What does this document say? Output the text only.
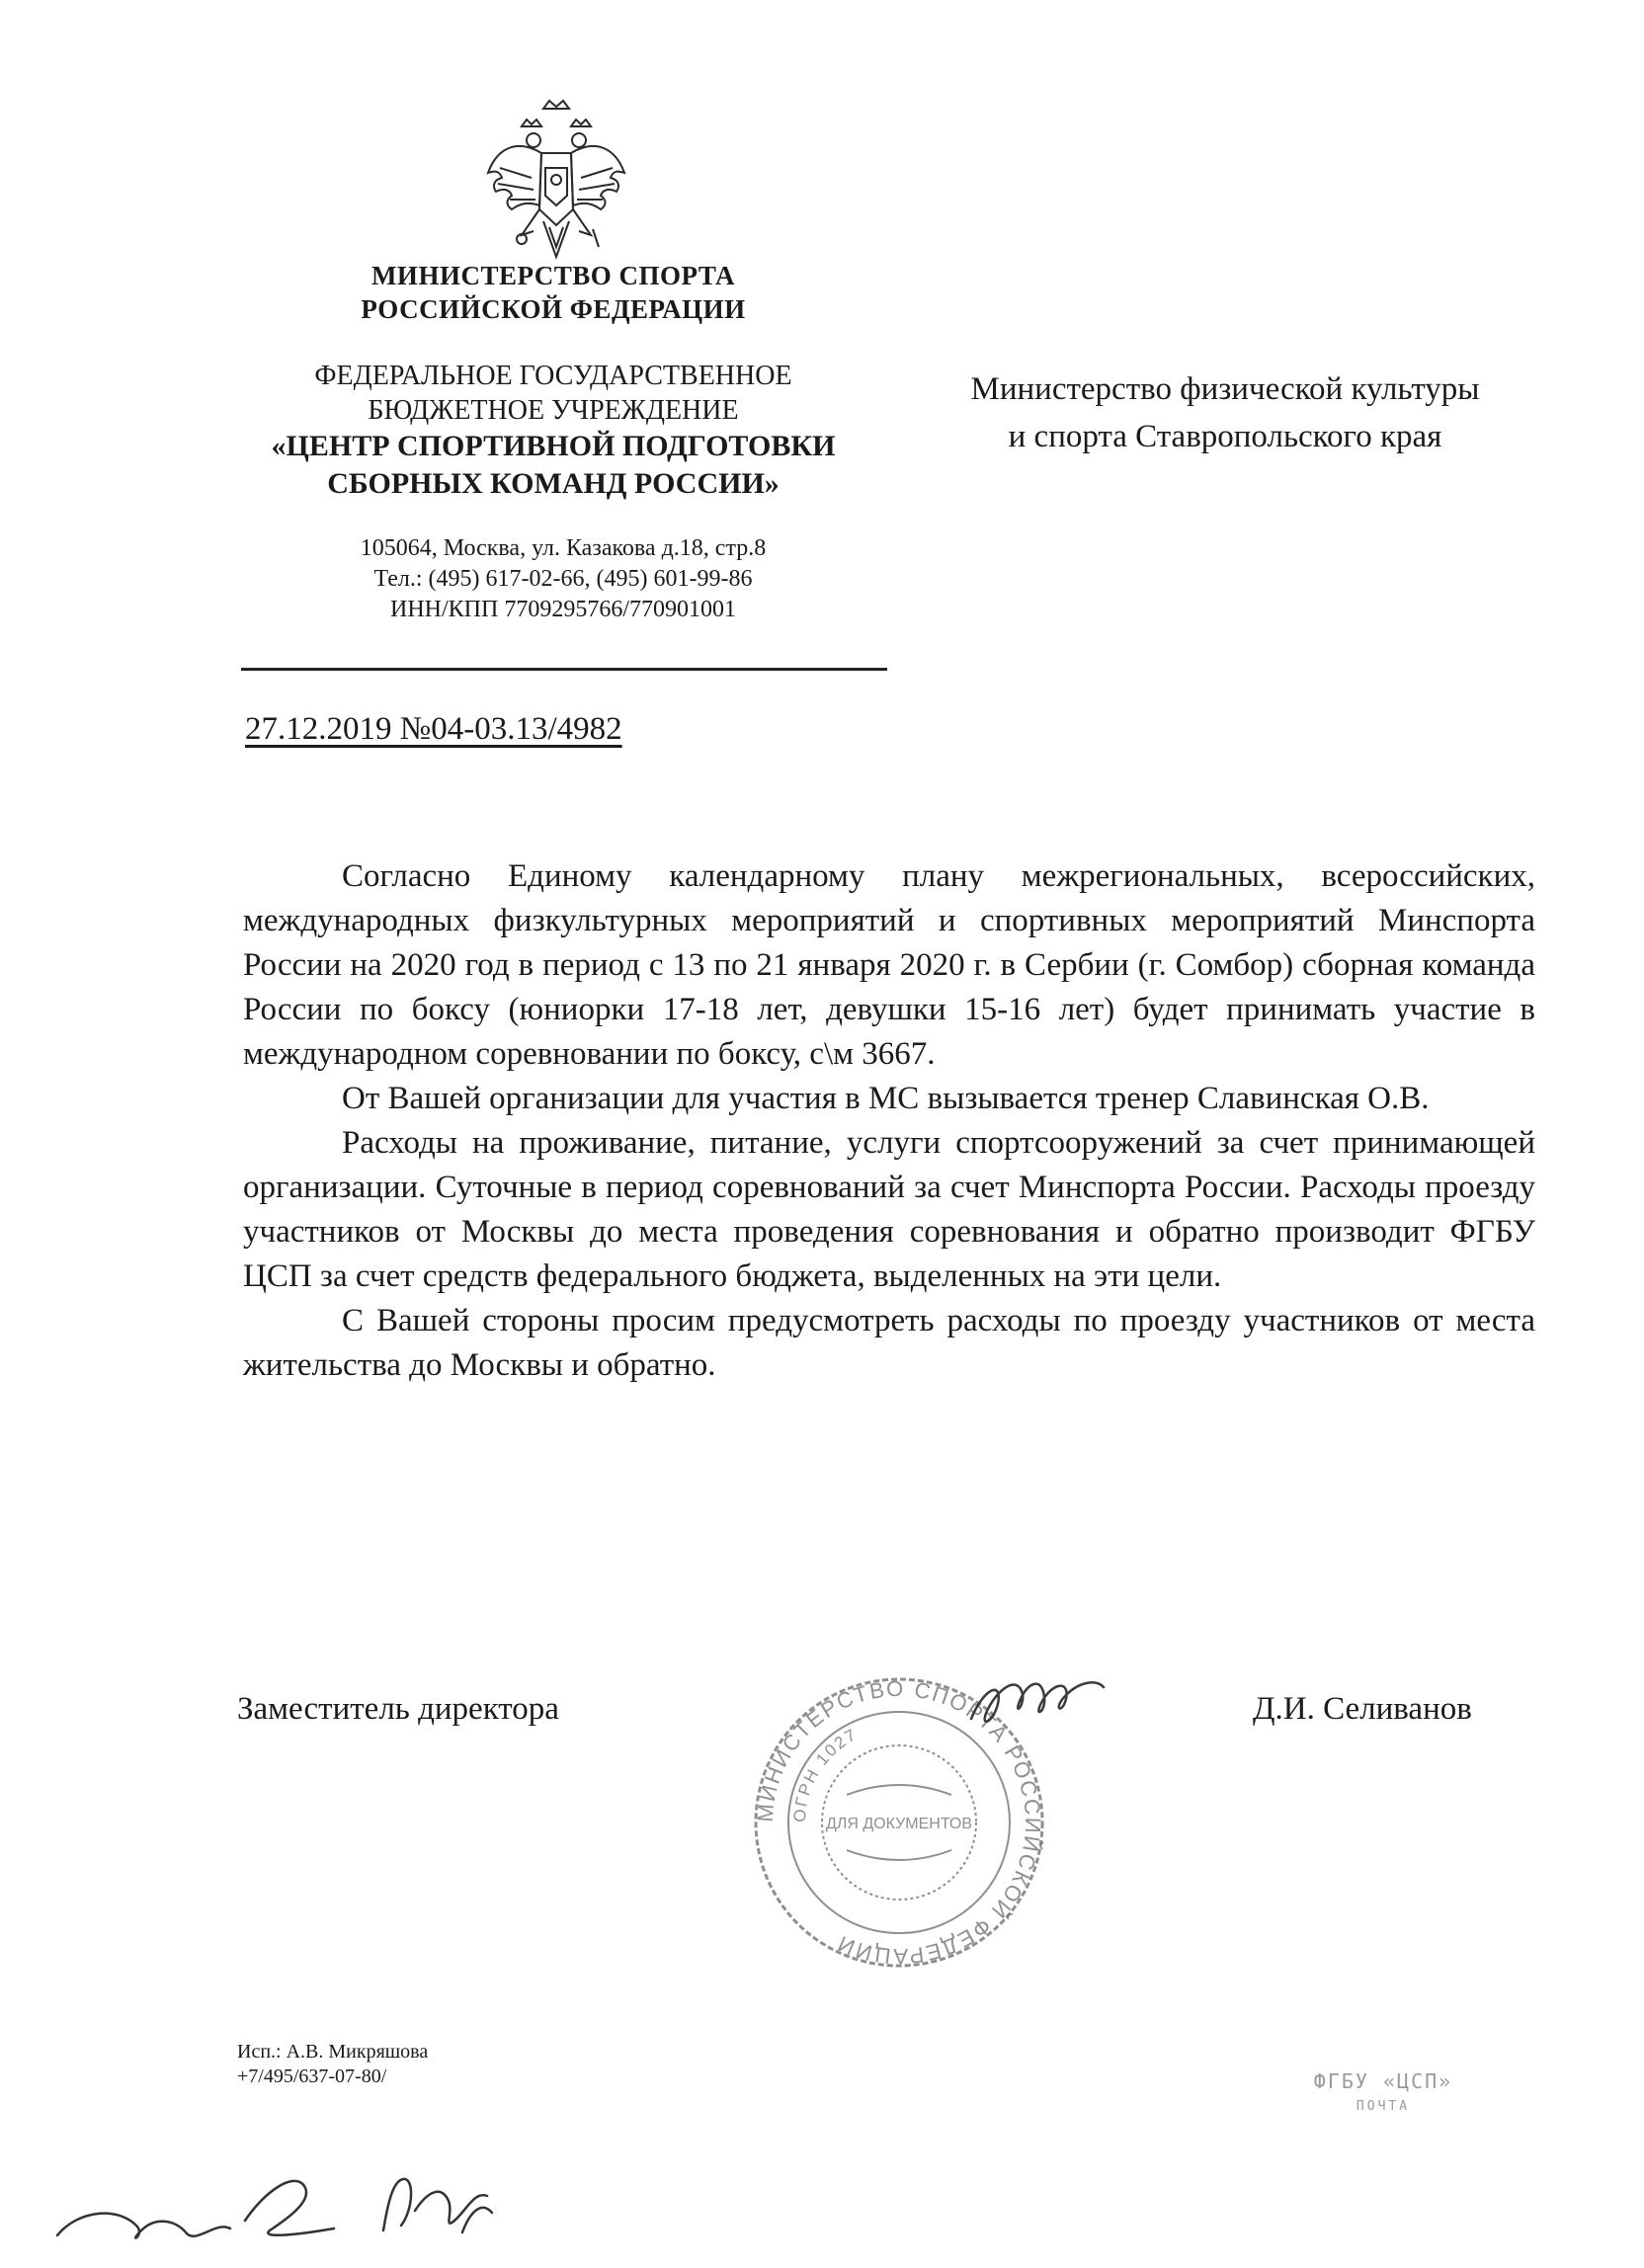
МИНИСТЕРСТВО СПОРТА
РОССИЙСКОЙ ФЕДЕРАЦИИ
ФЕДЕРАЛЬНОЕ ГОСУДАРСТВЕННОЕ
БЮДЖЕТНОЕ УЧРЕЖДЕНИЕ
«ЦЕНТР СПОРТИВНОЙ ПОДГОТОВКИ
СБОРНЫХ КОМАНД РОССИИ»
105064, Москва, ул. Казакова д.18, стр.8
Тел.: (495) 617-02-66, (495) 601-99-86
ИНН/КПП 7709295766/770901001
27.12.2019 №04-03.13/4982
Министерство физической культуры
и спорта Ставропольского края

Согласно Единому календарному плану межрегиональных, всероссийских, международных физкультурных мероприятий и спортивных мероприятий Минспорта России на 2020 год в период с 13 по 21 января 2020 г. в Сербии (г. Сомбор) сборная команда России по боксу (юниорки 17-18 лет, девушки 15-16 лет) будет принимать участие в международном соревновании по боксу, с\м 3667.

От Вашей организации для участия в МС вызывается тренер Славинская О.В.

Расходы на проживание, питание, услуги спортсооружений за счет принимающей организации. Суточные в период соревнований за счет Минспорта России. Расходы проезду участников от Москвы до места проведения соревнования и обратно производит ФГБУ ЦСП за счет средств федерального бюджета, выделенных на эти цели.

С Вашей стороны просим предусмотреть расходы по проезду участников от места жительства до Москвы и обратно.

МИНИСТЕРСТВО СПОРТА РОССИЙСКОЙ ФЕДЕРАЦИИ
ОГРН 1027
ДЛЯ ДОКУМЕНТОВ
Заместитель директора	Д.И. Селиванов
Исп.: А.В. Микряшова
+7/495/637-07-80/	ФГБУ «ЦСП»
ПОЧТА
